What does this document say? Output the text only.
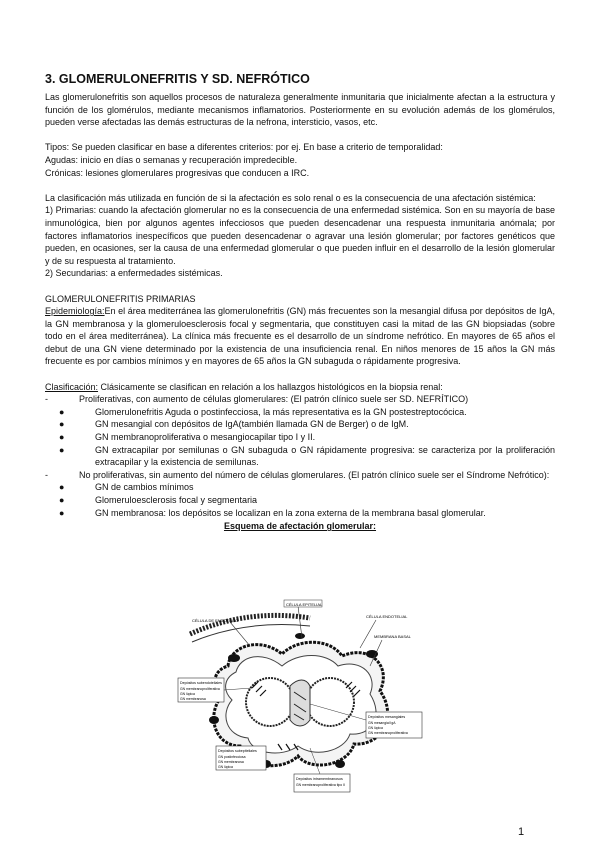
3. GLOMERULONEFRITIS Y SD. NEFRÓTICO

Las glomerulonefritis son aquellos procesos de naturaleza generalmente inmunitaria que inicialmente afectan a la estructura y función de los glomérulos, mediante mecanismos inflamatorios. Posteriormente en su evolución además de los glomérulos, pueden verse afectadas las demás estructuras de la nefrona, intersticio, vasos, etc.

Tipos: Se pueden clasificar en base a diferentes criterios: por ej. En base a criterio de temporalidad:

Agudas: inicio en días o semanas y recuperación impredecible.

Crónicas: lesiones glomerulares progresivas que conducen a IRC.

La clasificación más utilizada en función de si la afectación es solo renal o es la consecuencia de una afectación sistémica:

1) Primarias: cuando la afectación glomerular no es la consecuencia de una enfermedad sistémica. Son en su mayoría de base inmunológica, bien por algunos agentes infecciosos que pueden desencadenar una respuesta inmunitaria anómala; por factores inflamatorios inespecíficos que pueden desencadenar o agravar una lesión glomerular; por factores genéticos que pueden, en ocasiones, ser la causa de una enfermedad glomerular o que pueden influir en el desarrollo de la lesión glomerular y de su respuesta al tratamiento.

2) Secundarias: a enfermedades sistémicas.

GLOMERULONEFRITIS PRIMARIAS

Epidemiología:En el área mediterránea las glomerulonefritis (GN) más frecuentes son la mesangial difusa por depósitos de IgA, la GN membranosa y la glomeruloesclerosis focal y segmentaria, que constituyen casi la mitad de las GN biopsiadas (sobre todo en el área mediterránea). La clínica más frecuente es el desarrollo de un síndrome nefrótico. En mayores de 65 años el debut de una GN viene determinado por la existencia de una insuficiencia renal. En niños menores de 15 años la GN más frecuente es por cambios mínimos y en mayores de 65 años la GN subaguda o rápidamente progresiva.

Clasificación: Clásicamente se clasifican en relación a los hallazgos histológicos en la biopsia renal:

-	Proliferativas, con aumento de células glomerulares: (El patrón clínico suele ser SD. NEFRÍTICO)
●	Glomerulonefritis Aguda o postinfecciosa, la más representativa es la GN postestreptocócica.
●	GN mesangial con depósitos de IgA(también llamada GN de Berger) o de IgM.
●	GN membranoproliferativa o mesangiocapilar tipo I y II.
●	GN extracapilar por semilunas o GN subaguda o GN rápidamente progresiva: se caracteriza por la proliferación extracapilar y la existencia de semilunas.
-	No proliferativas, sin aumento del número de células glomerulares. (El patrón clínico suele ser el Síndrome Nefrótico):
●	GN de cambios mínimos
●	Glomeruloesclerosis focal y segmentaria
●	GN membranosa: los depósitos se localizan en la zona externa de la membrana basal glomerular.

Esquema de afectación glomerular:

CÉLULA EPITELIAL
CÉLULA DE ENDOTELIO
CÉLULA ENDOTELIAL
MEMBRANA BASAL
Depósitos subendoteliales
GN membranoproliferativa
GN lúpica
GN membranosa
Depósitos subepiteliales
GN postinfecciosa
GN membranosa
GN lúpica
Depósitos mesangiales
GN mesangial IgA
GN lúpica
GN membranoproliferativa
Depósitos intramembranosos
GN membranoproliferativa tipo II
1
